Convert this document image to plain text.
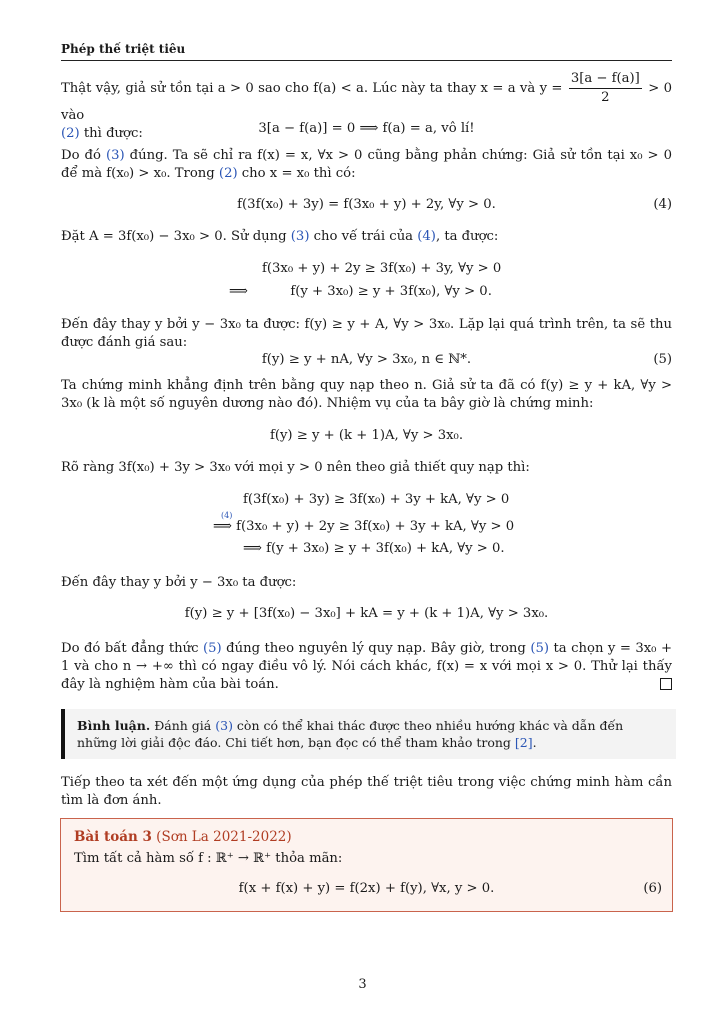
Phép thế triệt tiêu
Thật vậy, giả sử tồn tại a > 0 sao cho f(a) < a. Lúc này ta thay x = a và $y = \frac{3[a - f(a)]}{2} > 0$ vào
(2) thì được:	3[a − f(a)] = 0 ⟹ f(a) = a, vô lí!
Do đó (3) đúng. Ta sẽ chỉ ra f(x) = x, ∀x > 0 cũng bằng phản chứng: Giả sử tồn tại x₀ > 0 để mà f(x₀) > x₀. Trong (2) cho x = x₀ thì có:
f(3f(x₀) + 3y) = f(3x₀ + y) + 2y, ∀y > 0.	(4)
Đặt A = 3f(x₀) − 3x₀ > 0. Sử dụng (3) cho vế trái của (4), ta được:
f(3x₀ + y) + 2y ≥ 3f(x₀) + 3y, ∀y > 0
⟹	f(y + 3x₀) ≥ y + 3f(x₀), ∀y > 0.
Đến đây thay y bởi y − 3x₀ ta được: f(y) ≥ y + A, ∀y > 3x₀. Lặp lại quá trình trên, ta sẽ thu được đánh giá sau:
f(y) ≥ y + nA, ∀y > 3x₀, n ∈ ℕ*.	(5)
Ta chứng minh khẳng định trên bằng quy nạp theo n. Giả sử ta đã có f(y) ≥ y + kA, ∀y > 3x₀ (k là một số nguyên dương nào đó). Nhiệm vụ của ta bây giờ là chứng minh:
f(y) ≥ y + (k + 1)A, ∀y > 3x₀.
Rõ ràng 3f(x₀) + 3y > 3x₀ với mọi y > 0 nên theo giả thiết quy nạp thì:
f(3f(x₀) + 3y) ≥ 3f(x₀) + 3y + kA, ∀y > 0
⟹
(4)
f(3x₀ + y) + 2y ≥ 3f(x₀) + 3y + kA, ∀y > 0
⟹ f(y + 3x₀) ≥ y + 3f(x₀) + kA, ∀y > 0.
Đến đây thay y bởi y − 3x₀ ta được:
f(y) ≥ y + [3f(x₀) − 3x₀] + kA = y + (k + 1)A, ∀y > 3x₀.
Do đó bất đẳng thức (5) đúng theo nguyên lý quy nạp. Bây giờ, trong (5) ta chọn y = 3x₀ + 1 và cho n → +∞ thì có ngay điều vô lý. Nói cách khác, f(x) = x với mọi x > 0. Thử lại thấy đây là nghiệm hàm của bài toán.
Bình luận. Đánh giá (3) còn có thể khai thác được theo nhiều hướng khác và dẫn đến những lời giải độc đáo. Chi tiết hơn, bạn đọc có thể tham khảo trong [2].
Tiếp theo ta xét đến một ứng dụng của phép thế triệt tiêu trong việc chứng minh hàm cần tìm là đơn ánh.
Bài toán 3 (Sơn La 2021-2022)
Tìm tất cả hàm số f : ℝ⁺ → ℝ⁺ thỏa mãn:
f(x + f(x) + y) = f(2x) + f(y), ∀x, y > 0.	(6)
3
